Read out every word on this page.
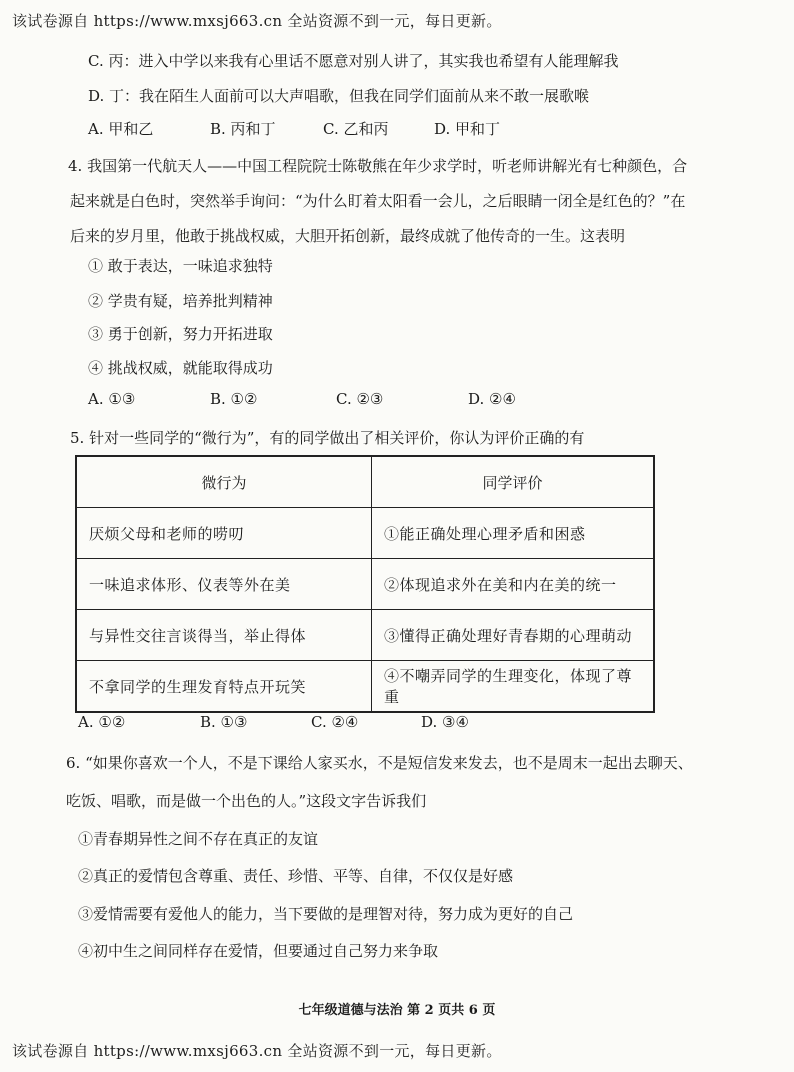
该试卷源自 https://www.mxsj663.cn 全站资源不到一元，每日更新。
C. 丙：进入中学以来我有心里话不愿意对别人讲了，其实我也希望有人能理解我
D. 丁：我在陌生人面前可以大声唱歌，但我在同学们面前从来不敢一展歌喉
A. 甲和乙	B. 丙和丁	C. 乙和丙	D. 甲和丁
4. 我国第一代航天人——中国工程院院士陈敬熊在年少求学时，听老师讲解光有七种颜色，合
起来就是白色时，突然举手询问：“为什么盯着太阳看一会儿，之后眼睛一闭全是红色的？”在
后来的岁月里，他敢于挑战权威，大胆开拓创新，最终成就了他传奇的一生。这表明
① 敢于表达，一味追求独特
② 学贵有疑，培养批判精神
③ 勇于创新，努力开拓进取
④ 挑战权威，就能取得成功
A. ①③	B. ①②	C. ②③	D. ②④
5. 针对一些同学的“微行为”，有的同学做出了相关评价，你认为评价正确的有
微行为	同学评价
厌烦父母和老师的唠叨	①能正确处理心理矛盾和困惑
一味追求体形、仪表等外在美	②体现追求外在美和内在美的统一
与异性交往言谈得当，举止得体	③懂得正确处理好青春期的心理萌动
不拿同学的生理发育特点开玩笑	④不嘲弄同学的生理变化，体现了尊重
A. ①②	B. ①③	C. ②④	D. ③④
6. “如果你喜欢一个人，不是下课给人家买水，不是短信发来发去，也不是周末一起出去聊天、
吃饭、唱歌，而是做一个出色的人。”这段文字告诉我们
①青春期异性之间不存在真正的友谊
②真正的爱情包含尊重、责任、珍惜、平等、自律，不仅仅是好感
③爱情需要有爱他人的能力，当下要做的是理智对待，努力成为更好的自己
④初中生之间同样存在爱情，但要通过自己努力来争取
七年级道德与法治 第 2 页共 6 页
该试卷源自 https://www.mxsj663.cn 全站资源不到一元，每日更新。
